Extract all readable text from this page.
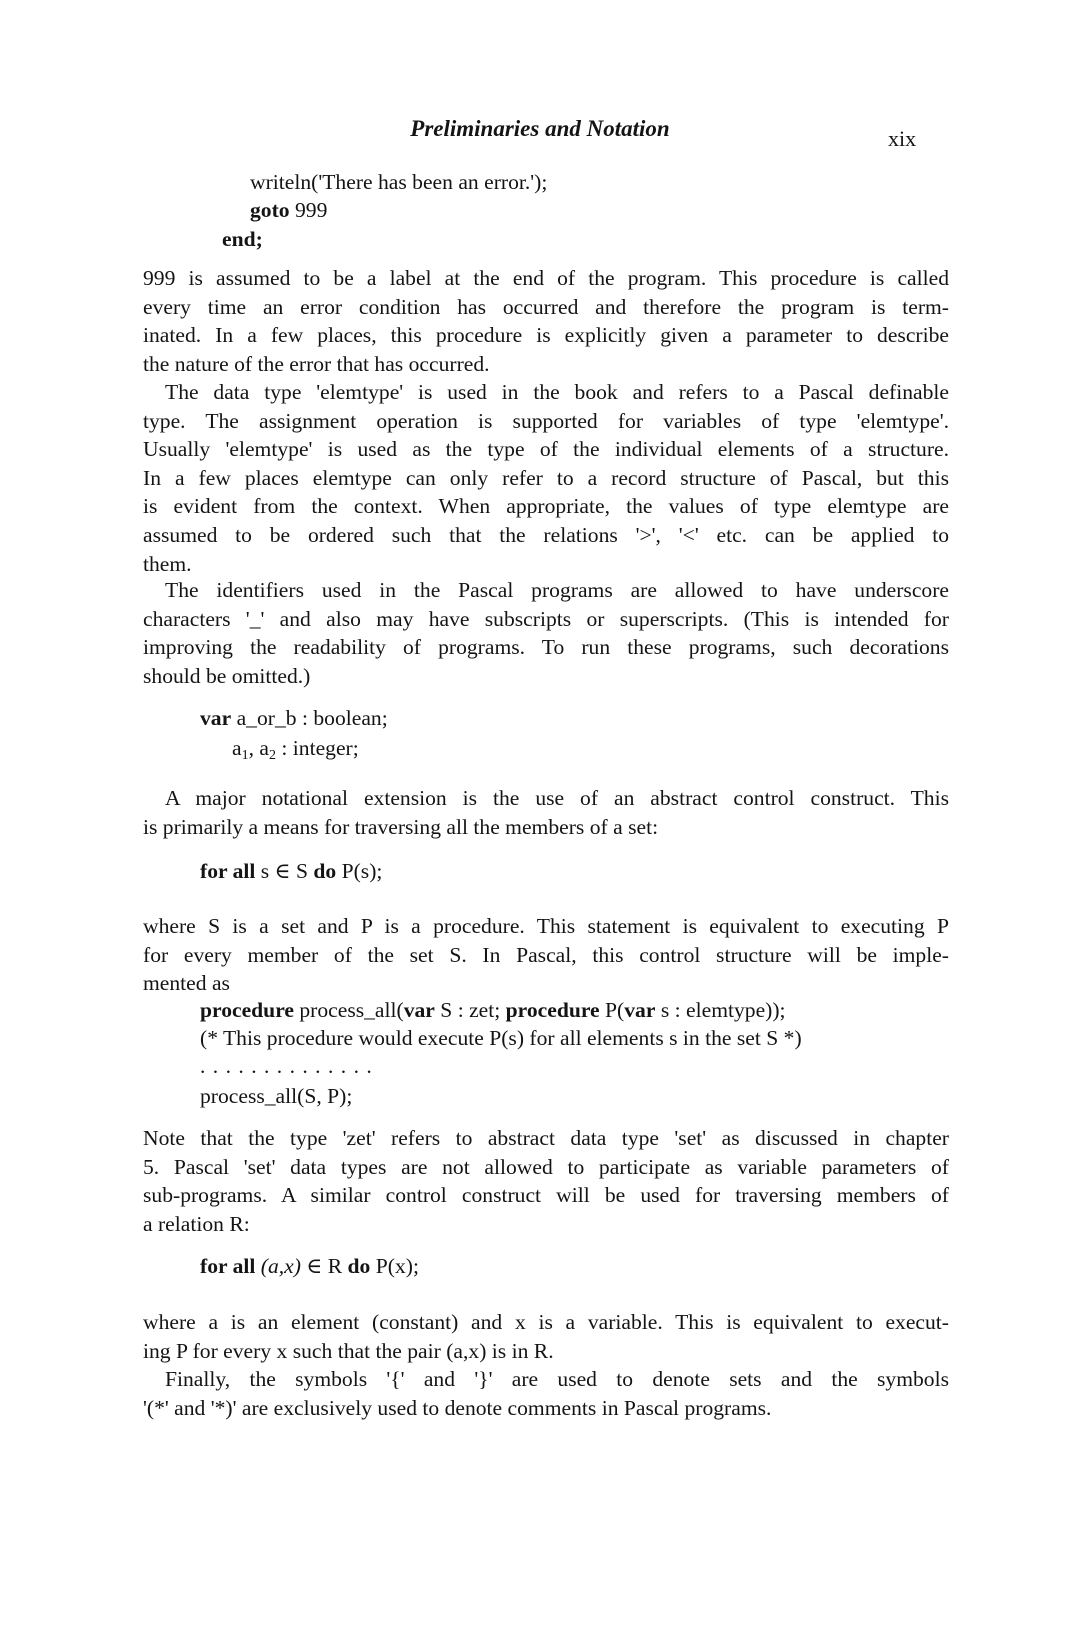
Preliminaries and Notation	xix
writeln('There has been an error.');
goto 999
end;
999 is assumed to be a label at the end of the program. This procedure is called
every time an error condition has occurred and therefore the program is term-
inated. In a few places, this procedure is explicitly given a parameter to describe
the nature of the error that has occurred.
The data type 'elemtype' is used in the book and refers to a Pascal definable
type. The assignment operation is supported for variables of type 'elemtype'.
Usually 'elemtype' is used as the type of the individual elements of a structure.
In a few places elemtype can only refer to a record structure of Pascal, but this
is evident from the context. When appropriate, the values of type elemtype are
assumed to be ordered such that the relations '>', '<' etc. can be applied to
them.
The identifiers used in the Pascal programs are allowed to have underscore
characters '_' and also may have subscripts or superscripts. (This is intended for
improving the readability of programs. To run these programs, such decorations
should be omitted.)
var a_or_b : boolean;
$a_1$, $a_2$ : integer;
A major notational extension is the use of an abstract control construct. This
is primarily a means for traversing all the members of a set:
for all s ∈ S do P(s);
where S is a set and P is a procedure. This statement is equivalent to executing P
for every member of the set S. In Pascal, this control structure will be imple-
mented as
procedure process_all(var S : zet; procedure P(var s : elemtype));
(* This procedure would execute P(s) for all elements s in the set S *)
. . . . . . . . . . . . . .
process_all(S, P);
Note that the type 'zet' refers to abstract data type 'set' as discussed in chapter
5. Pascal 'set' data types are not allowed to participate as variable parameters of
sub-programs. A similar control construct will be used for traversing members of
a relation R:
for all (a,x) ∈ R do P(x);
where a is an element (constant) and x is a variable. This is equivalent to execut-
ing P for every x such that the pair (a,x) is in R.
Finally, the symbols '{' and '}' are used to denote sets and the symbols
'(*' and '*)' are exclusively used to denote comments in Pascal programs.
